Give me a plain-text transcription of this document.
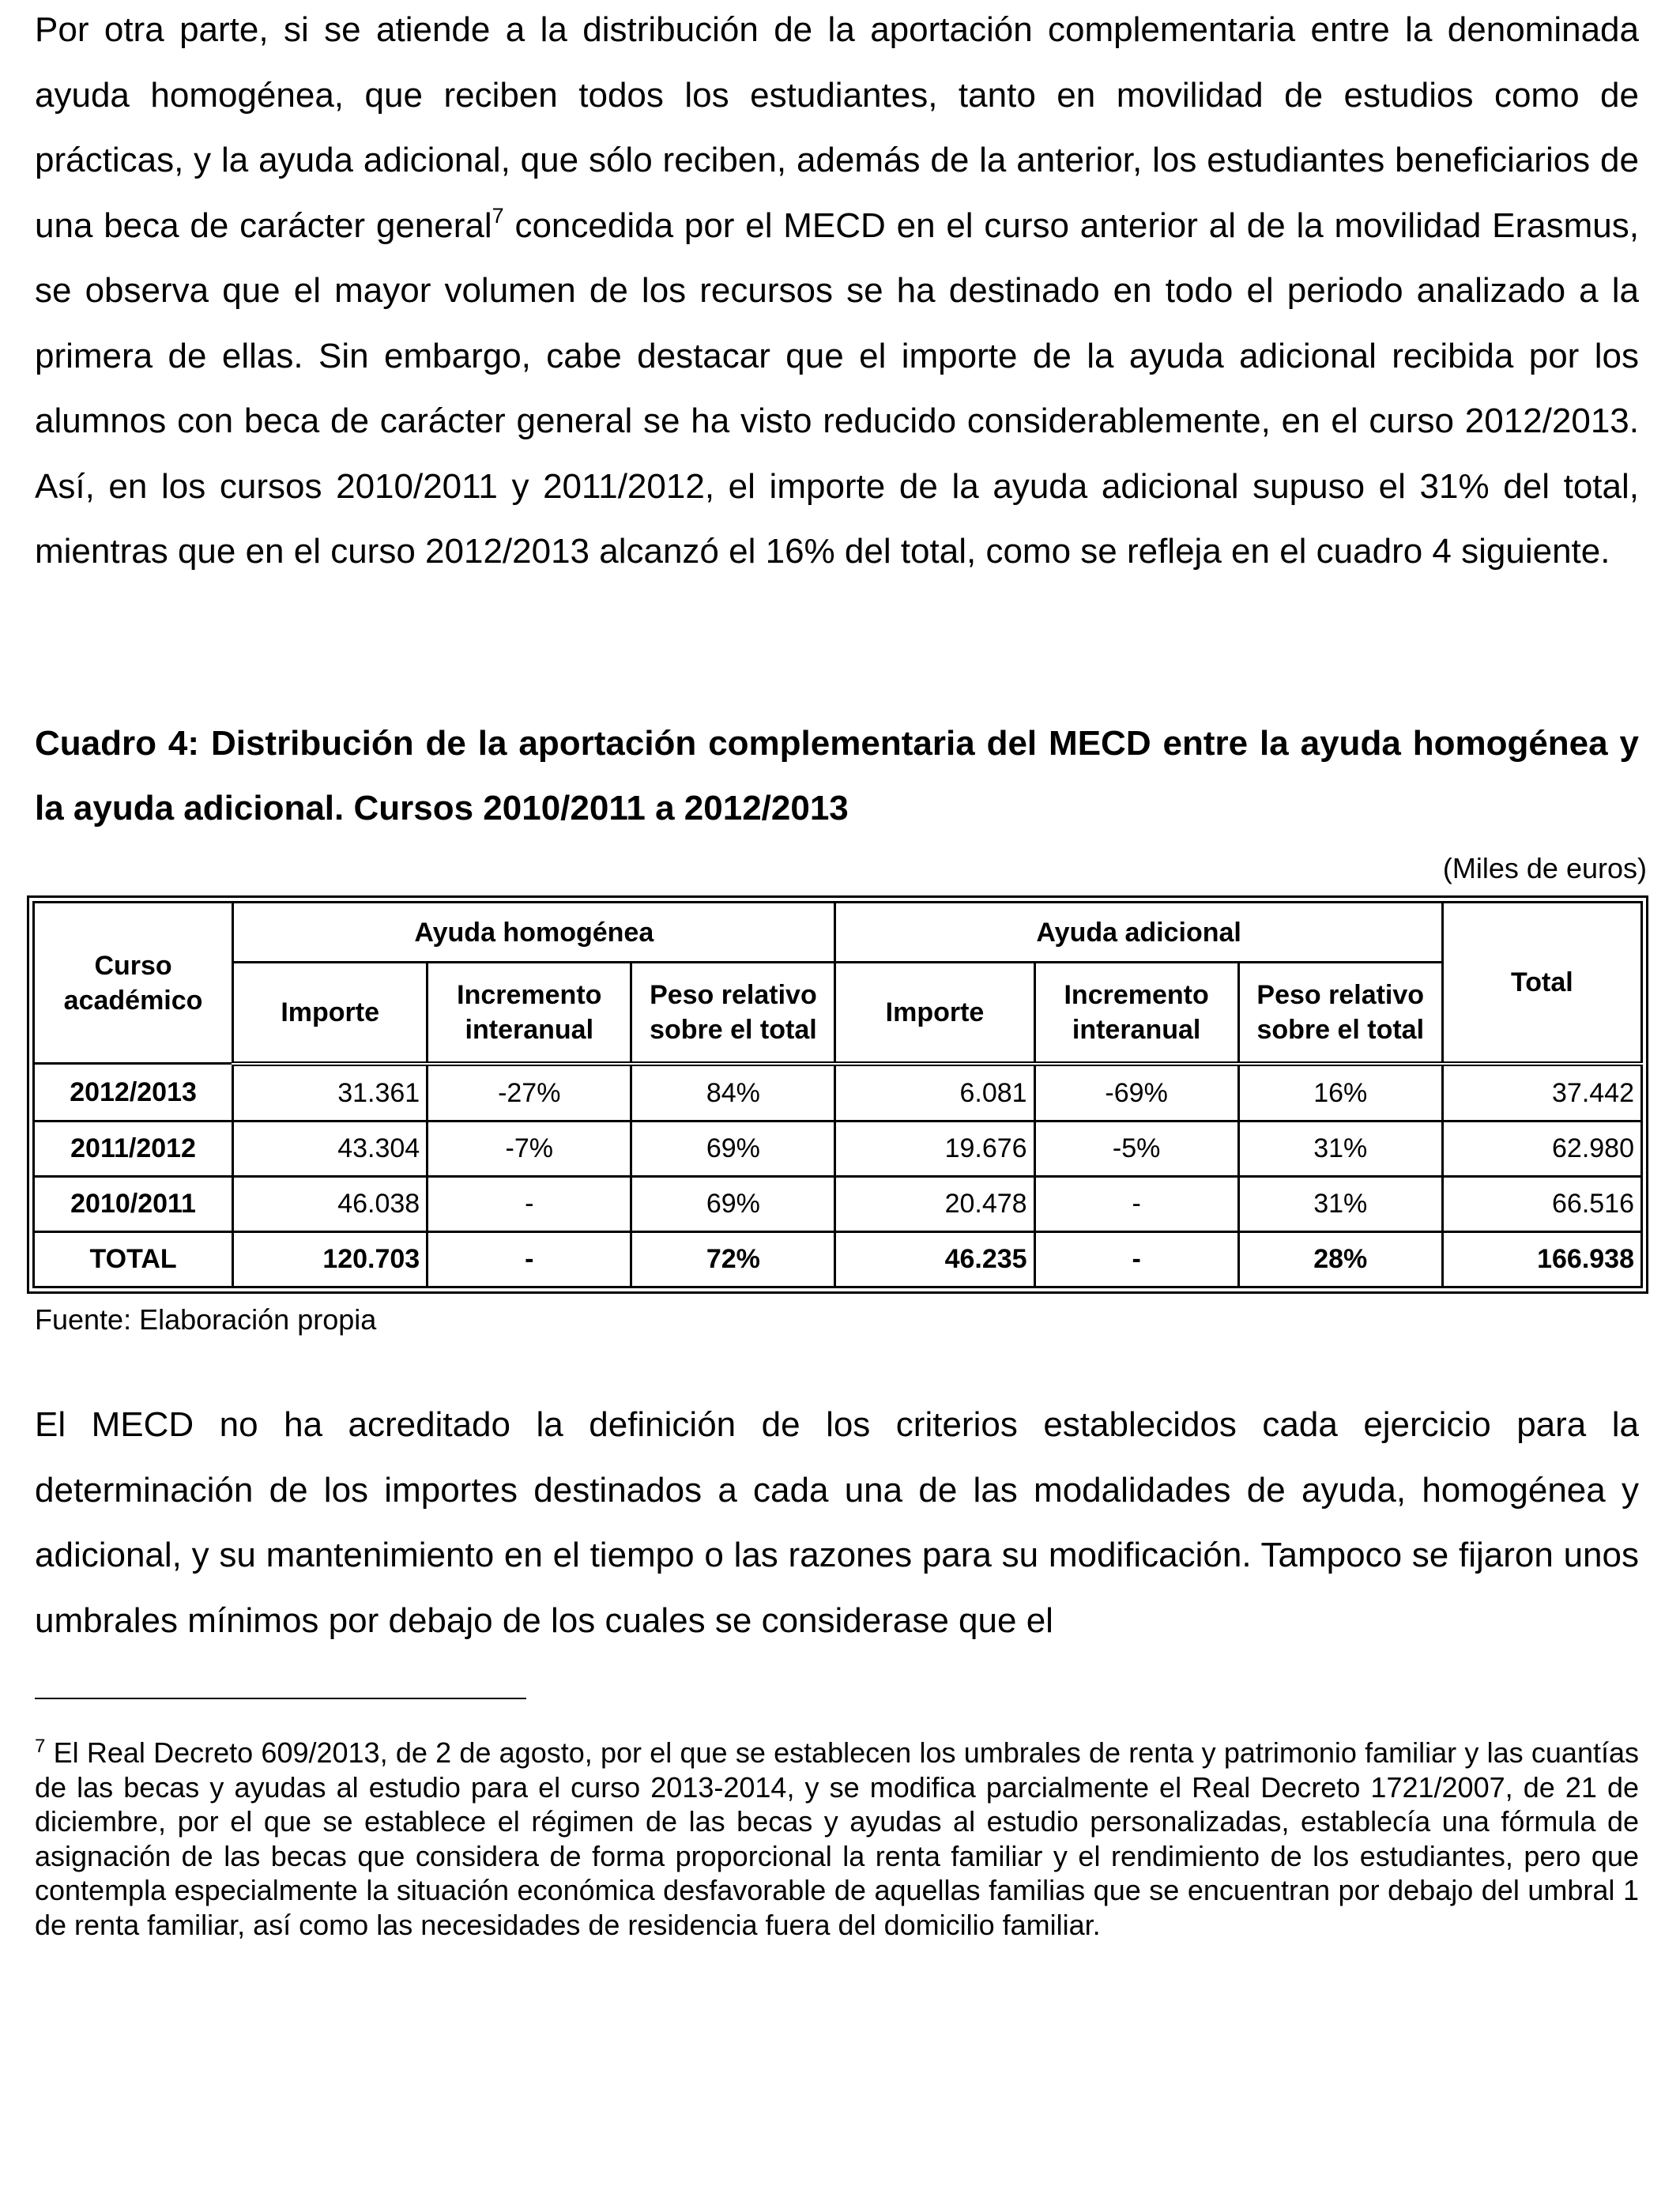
Por otra parte, si se atiende a la distribución de la aportación complementaria entre la denominada ayuda homogénea, que reciben todos los estudiantes, tanto en movilidad de estudios como de prácticas, y la ayuda adicional, que sólo reciben, además de la anterior, los estudiantes beneficiarios de una beca de carácter general$^7$ concedida por el MECD en el curso anterior al de la movilidad Erasmus, se observa que el mayor volumen de los recursos se ha destinado en todo el periodo analizado a la primera de ellas. Sin embargo, cabe destacar que el importe de la ayuda adicional recibida por los alumnos con beca de carácter general se ha visto reducido considerablemente, en el curso 2012/2013. Así, en los cursos 2010/2011 y 2011/2012, el importe de la ayuda adicional supuso el 31% del total, mientras que en el curso 2012/2013 alcanzó el 16% del total, como se refleja en el cuadro 4 siguiente.

Cuadro 4: Distribución de la aportación complementaria del MECD entre la ayuda homogénea y la ayuda adicional. Cursos 2010/2011 a 2012/2013

(Miles de euros)
Curso académico	Ayuda homogénea			Ayuda adicional			Total
	Importe	Incremento interanual	Peso relativo sobre el total	Importe	Incremento interanual	Peso relativo sobre el total	
2012/2013	31.361	-27%	84%	6.081	-69%	16%	37.442
2011/2012	43.304	-7%	69%	19.676	-5%	31%	62.980
2010/2011	46.038	-	69%	20.478	-	31%	66.516
TOTAL	120.703	-	72%	46.235	-	28%	166.938
Fuente: Elaboración propia

El MECD no ha acreditado la definición de los criterios establecidos cada ejercicio para la determinación de los importes destinados a cada una de las modalidades de ayuda, homogénea y adicional, y su mantenimiento en el tiempo o las razones para su modificación. Tampoco se fijaron unos umbrales mínimos por debajo de los cuales se considerase que el

$^7$ El Real Decreto 609/2013, de 2 de agosto, por el que se establecen los umbrales de renta y patrimonio familiar y las cuantías de las becas y ayudas al estudio para el curso 2013-2014, y se modifica parcialmente el Real Decreto 1721/2007, de 21 de diciembre, por el que se establece el régimen de las becas y ayudas al estudio personalizadas, establecía una fórmula de asignación de las becas que considera de forma proporcional la renta familiar y el rendimiento de los estudiantes, pero que contempla especialmente la situación económica desfavorable de aquellas familias que se encuentran por debajo del umbral 1 de renta familiar, así como las necesidades de residencia fuera del domicilio familiar.
